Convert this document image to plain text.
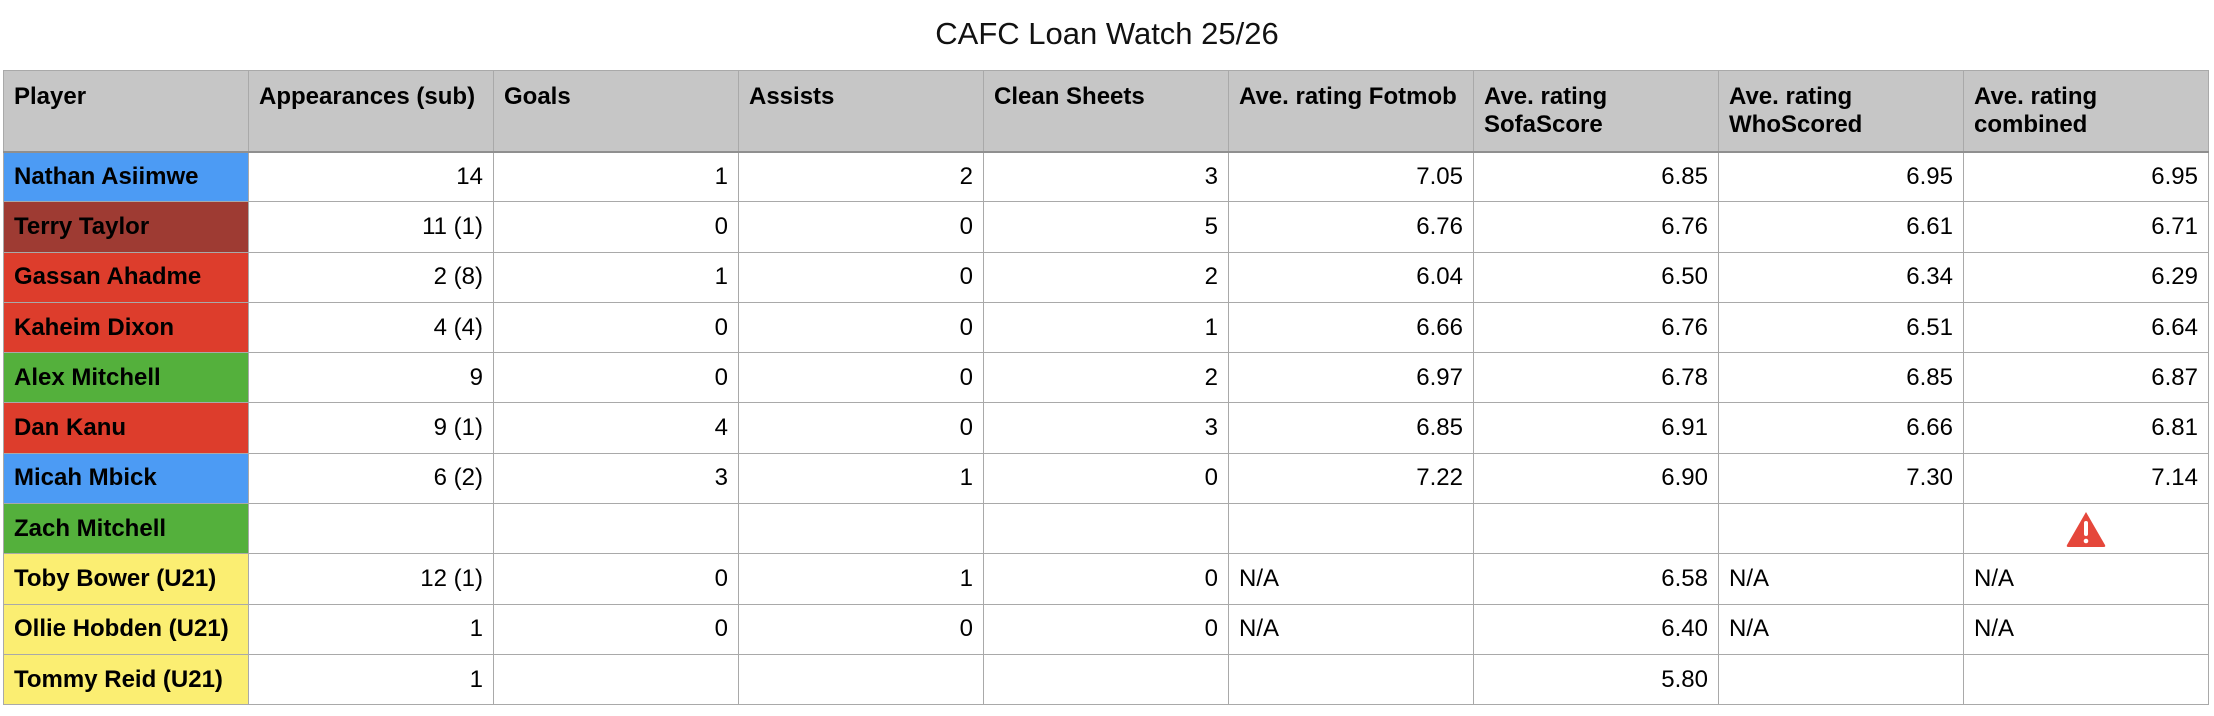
CAFC Loan Watch 25/26
Player	Appearances (sub)	Goals	Assists	Clean Sheets	Ave. rating Fotmob	Ave. rating SofaScore	Ave. rating WhoScored	Ave. rating combined
Nathan Asiimwe	14	1	2	3	7.05	6.85	6.95	6.95
Terry Taylor	11 (1)	0	0	5	6.76	6.76	6.61	6.71
Gassan Ahadme	2 (8)	1	0	2	6.04	6.50	6.34	6.29
Kaheim Dixon	4 (4)	0	0	1	6.66	6.76	6.51	6.64
Alex Mitchell	9	0	0	2	6.97	6.78	6.85	6.87
Dan Kanu	9 (1)	4	0	3	6.85	6.91	6.66	6.81
Micah Mbick	6 (2)	3	1	0	7.22	6.90	7.30	7.14
Zach Mitchell								
Toby Bower (U21)	12 (1)	0	1	0	N/A	6.58	N/A	N/A
Ollie Hobden (U21)	1	0	0	0	N/A	6.40	N/A	N/A
Tommy Reid (U21)	1					5.80		
